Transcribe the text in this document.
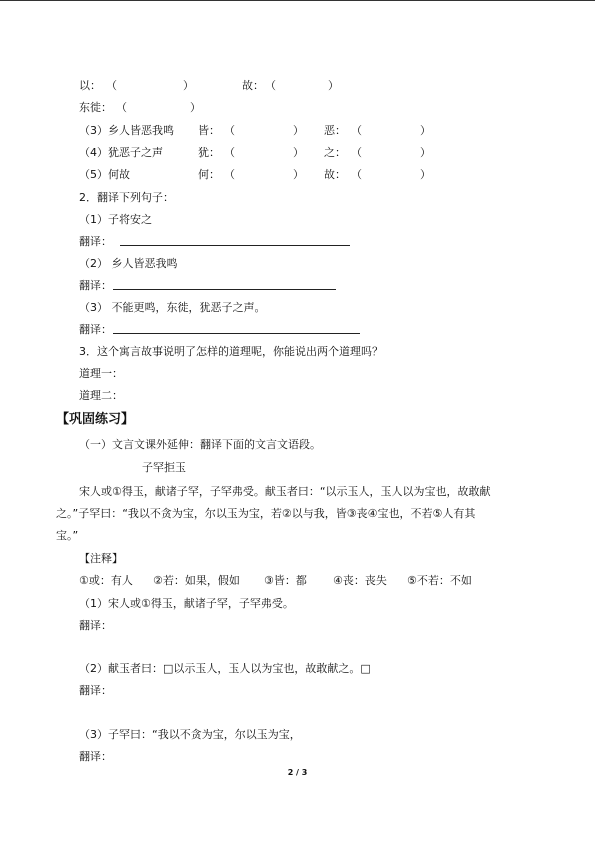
以： （	）	故： （	）
东徙： （	）
（3）乡人皆恶我鸣 皆： （	） 恶： （	）
（4）犹恶子之声	犹： （	） 之： （	）
（5）何故	何： （	） 故： （	）
2．翻译下列句子：
（1）子将安之
翻译：
（2） 乡人皆恶我鸣
翻译：
（3） 不能更鸣，东徙，犹恶子之声。
翻译：
3．这个寓言故事说明了怎样的道理呢，你能说出两个道理吗？
道理一：
道理二：
【巩固练习】
（一）文言文课外延伸：翻译下面的文言文语段。
子罕拒玉
宋人或①得玉，献诸子罕，子罕弗受。献玉者曰：“以示玉人，玉人以为宝也，故敢献
之。”子罕曰：“我以不贪为宝，尔以玉为宝，若②以与我，皆③丧④宝也，不若⑤人有其
宝。”
【注释】
①或：有人 ②若：如果，假如 ③皆：都 ④丧：丧失 ⑤不若：不如
（1）宋人或①得玉，献诸子罕，子罕弗受。
翻译：
（2）献玉者曰：□以示玉人，玉人以为宝也，故敢献之。□
翻译：
（3）子罕曰：“我以不贪为宝，尔以玉为宝，
翻译：
2 / 3
